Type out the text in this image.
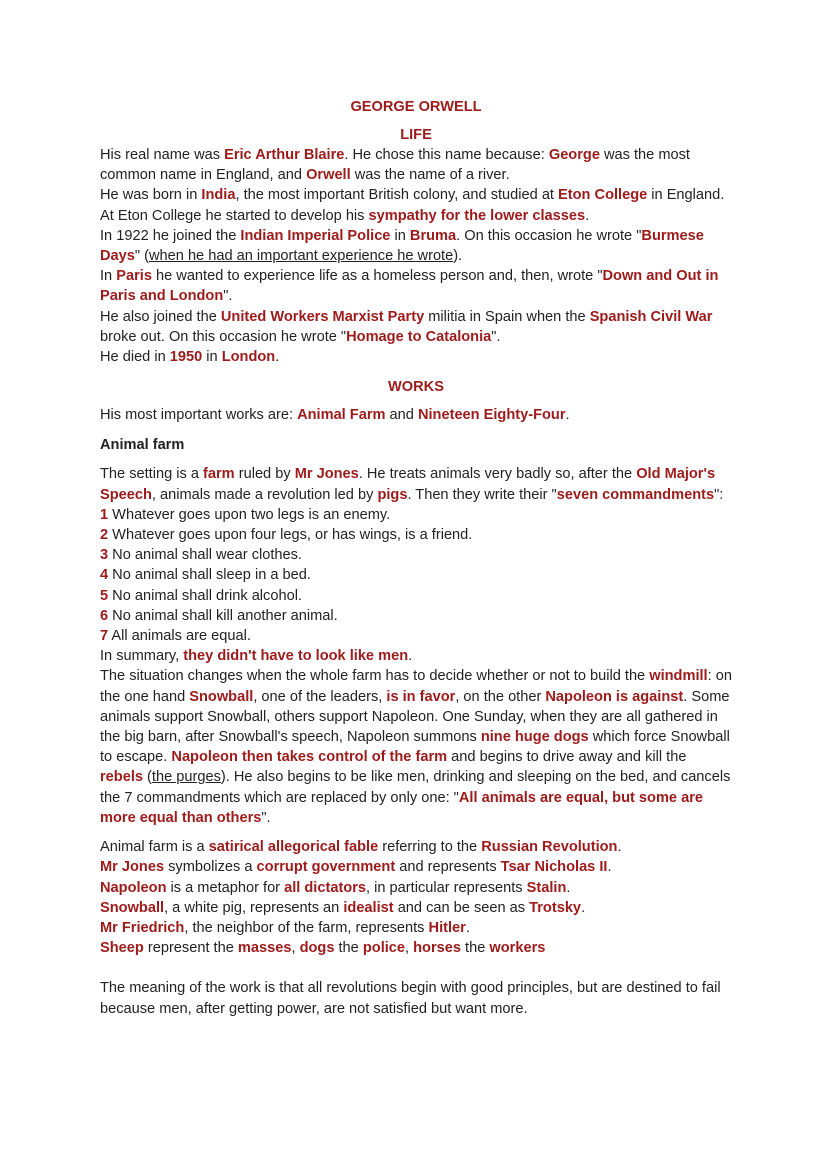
GEORGE ORWELL
LIFE
His real name was Eric Arthur Blaire. He chose this name because: George was the most common name in England, and Orwell was the name of a river.
He was born in India, the most important British colony, and studied at Eton College in England.
At Eton College he started to develop his sympathy for the lower classes.
In 1922 he joined the Indian Imperial Police in Bruma. On this occasion he wrote "Burmese Days" (when he had an important experience he wrote).
In Paris he wanted to experience life as a homeless person and, then, wrote "Down and Out in Paris and London".
He also joined the United Workers Marxist Party militia in Spain when the Spanish Civil War broke out. On this occasion he wrote "Homage to Catalonia".
He died in 1950 in London.
WORKS
His most important works are: Animal Farm and Nineteen Eighty-Four.
Animal farm
The setting is a farm ruled by Mr Jones. He treats animals very badly so, after the Old Major's Speech, animals made a revolution led by pigs. Then they write their "seven commandments":
1 Whatever goes upon two legs is an enemy.
2 Whatever goes upon four legs, or has wings, is a friend.
3 No animal shall wear clothes.
4 No animal shall sleep in a bed.
5 No animal shall drink alcohol.
6 No animal shall kill another animal.
7 All animals are equal.
In summary, they didn't have to look like men.
The situation changes when the whole farm has to decide whether or not to build the windmill: on the one hand Snowball, one of the leaders, is in favor, on the other Napoleon is against. Some animals support Snowball, others support Napoleon. One Sunday, when they are all gathered in the big barn, after Snowball's speech, Napoleon summons nine huge dogs which force Snowball to escape. Napoleon then takes control of the farm and begins to drive away and kill the rebels (the purges). He also begins to be like men, drinking and sleeping on the bed, and cancels the 7 commandments which are replaced by only one: "All animals are equal, but some are more equal than others".
Animal farm is a satirical allegorical fable referring to the Russian Revolution.
Mr Jones symbolizes a corrupt government and represents Tsar Nicholas II.
Napoleon is a metaphor for all dictators, in particular represents Stalin.
Snowball, a white pig, represents an idealist and can be seen as Trotsky.
Mr Friedrich, the neighbor of the farm, represents Hitler.
Sheep represent the masses, dogs the police, horses the workers
The meaning of the work is that all revolutions begin with good principles, but are destined to fail because men, after getting power, are not satisfied but want more.
